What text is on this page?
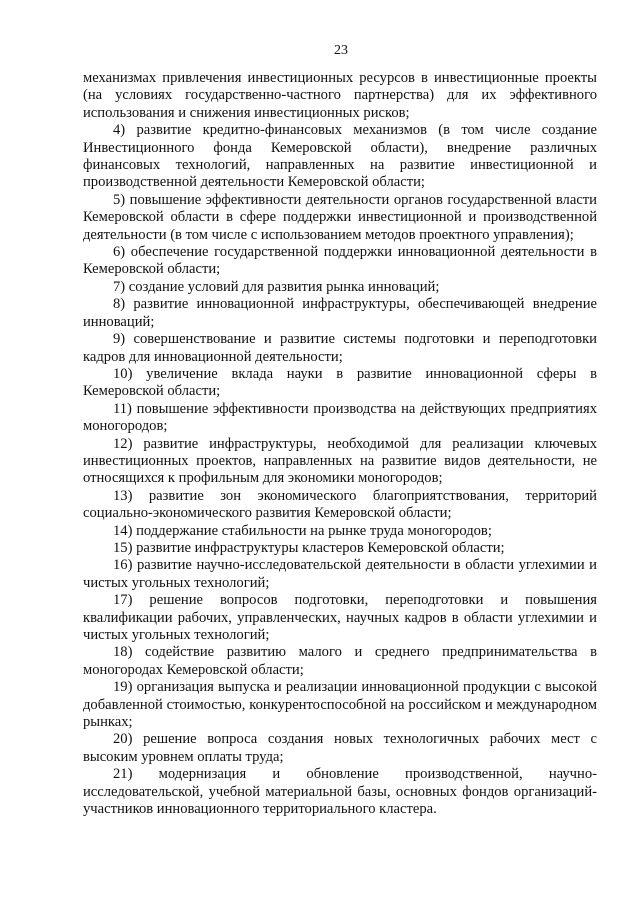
23

механизмах привлечения инвестиционных ресурсов в инвестиционные проекты (на условиях государственно-частного партнерства) для их эффективного использования и снижения инвестиционных рисков;

4) развитие кредитно-финансовых механизмов (в том числе создание Инвестиционного фонда Кемеровской области), внедрение различных финансовых технологий, направленных на развитие инвестиционной и производственной деятельности Кемеровской области;

5) повышение эффективности деятельности органов государственной власти Кемеровской области в сфере поддержки инвестиционной и производственной деятельности (в том числе с использованием методов проектного управления);

6) обеспечение государственной поддержки инновационной деятельности в Кемеровской области;

7) создание условий для развития рынка инноваций;

8) развитие инновационной инфраструктуры, обеспечивающей внедрение инноваций;

9) совершенствование и развитие системы подготовки и переподготовки кадров для инновационной деятельности;

10) увеличение вклада науки в развитие инновационной сферы в Кемеровской области;

11) повышение эффективности производства на действующих предприятиях моногородов;

12) развитие инфраструктуры, необходимой для реализации ключевых инвестиционных проектов, направленных на развитие видов деятельности, не относящихся к профильным для экономики моногородов;

13) развитие зон экономического благоприятствования, территорий социально-экономического развития Кемеровской области;

14) поддержание стабильности на рынке труда моногородов;

15) развитие инфраструктуры кластеров Кемеровской области;

16) развитие научно-исследовательской деятельности в области углехимии и чистых угольных технологий;

17) решение вопросов подготовки, переподготовки и повышения квалификации рабочих, управленческих, научных кадров в области углехимии и чистых угольных технологий;

18) содействие развитию малого и среднего предпринимательства в моногородах Кемеровской области;

19) организация выпуска и реализации инновационной продукции с высокой добавленной стоимостью, конкурентоспособной на российском и международном рынках;

20) решение вопроса создания новых технологичных рабочих мест с высоким уровнем оплаты труда;

21) модернизация и обновление производственной, научно-исследовательской, учебной материальной базы, основных фондов организаций-участников инновационного территориального кластера.
